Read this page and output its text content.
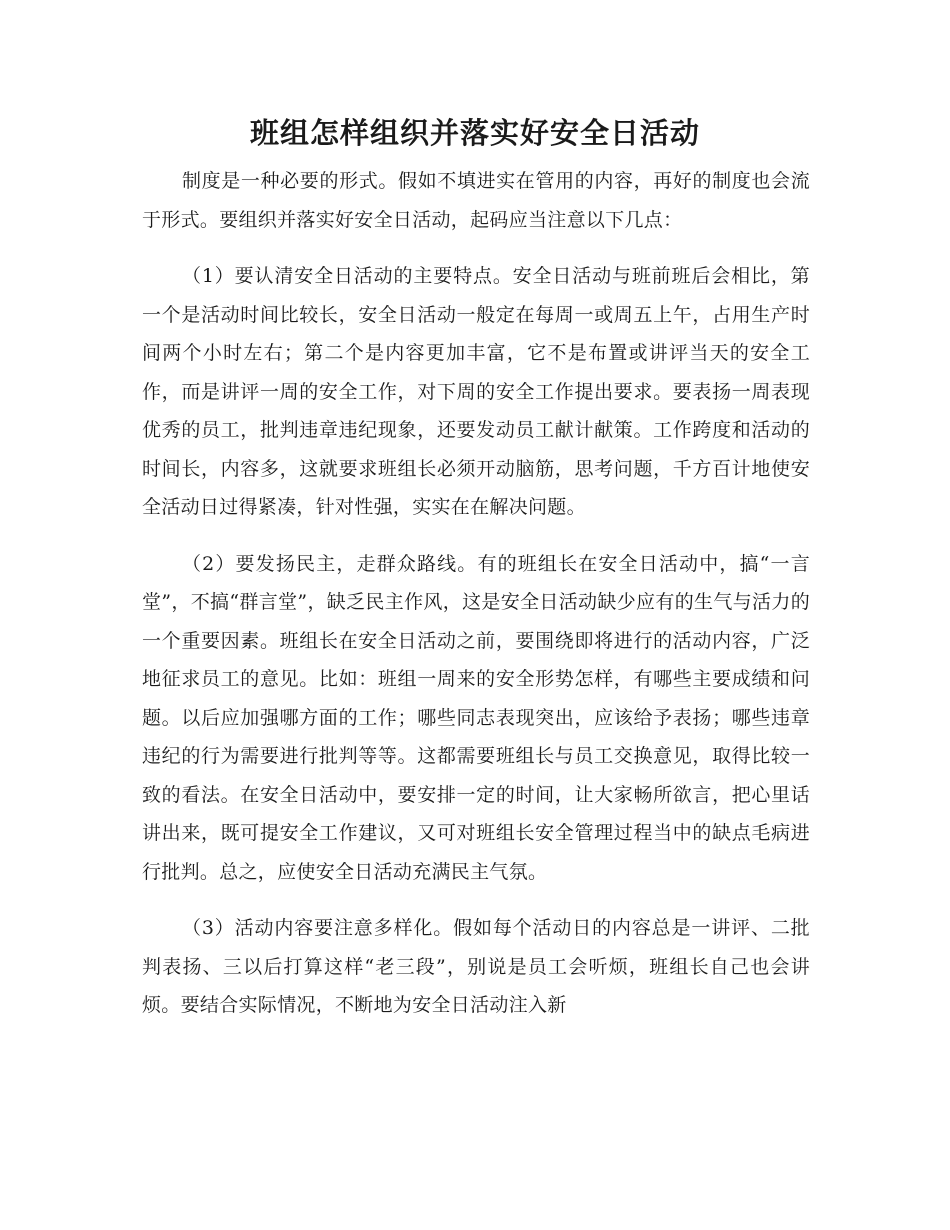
班组怎样组织并落实好安全日活动

制度是一种必要的形式。假如不填进实在管用的内容，再好的制度也会流于形式。要组织并落实好安全日活动，起码应当注意以下几点：

（1）要认清安全日活动的主要特点。安全日活动与班前班后会相比，第一个是活动时间比较长，安全日活动一般定在每周一或周五上午，占用生产时间两个小时左右；第二个是内容更加丰富，它不是布置或讲评当天的安全工作，而是讲评一周的安全工作，对下周的安全工作提出要求。要表扬一周表现优秀的员工，批判违章违纪现象，还要发动员工献计献策。工作跨度和活动的时间长，内容多，这就要求班组长必须开动脑筋，思考问题，千方百计地使安全活动日过得紧凑，针对性强，实实在在解决问题。

（2）要发扬民主，走群众路线。有的班组长在安全日活动中，搞“一言堂”，不搞“群言堂”，缺乏民主作风，这是安全日活动缺少应有的生气与活力的一个重要因素。班组长在安全日活动之前，要围绕即将进行的活动内容，广泛地征求员工的意见。比如：班组一周来的安全形势怎样，有哪些主要成绩和问题。以后应加强哪方面的工作；哪些同志表现突出，应该给予表扬；哪些违章违纪的行为需要进行批判等等。这都需要班组长与员工交换意见，取得比较一致的看法。在安全日活动中，要安排一定的时间，让大家畅所欲言，把心里话讲出来，既可提安全工作建议，又可对班组长安全管理过程当中的缺点毛病进行批判。总之，应使安全日活动充满民主气氛。

（3）活动内容要注意多样化。假如每个活动日的内容总是一讲评、二批判表扬、三以后打算这样“老三段”，别说是员工会听烦，班组长自己也会讲烦。要结合实际情况，不断地为安全日活动注入新
